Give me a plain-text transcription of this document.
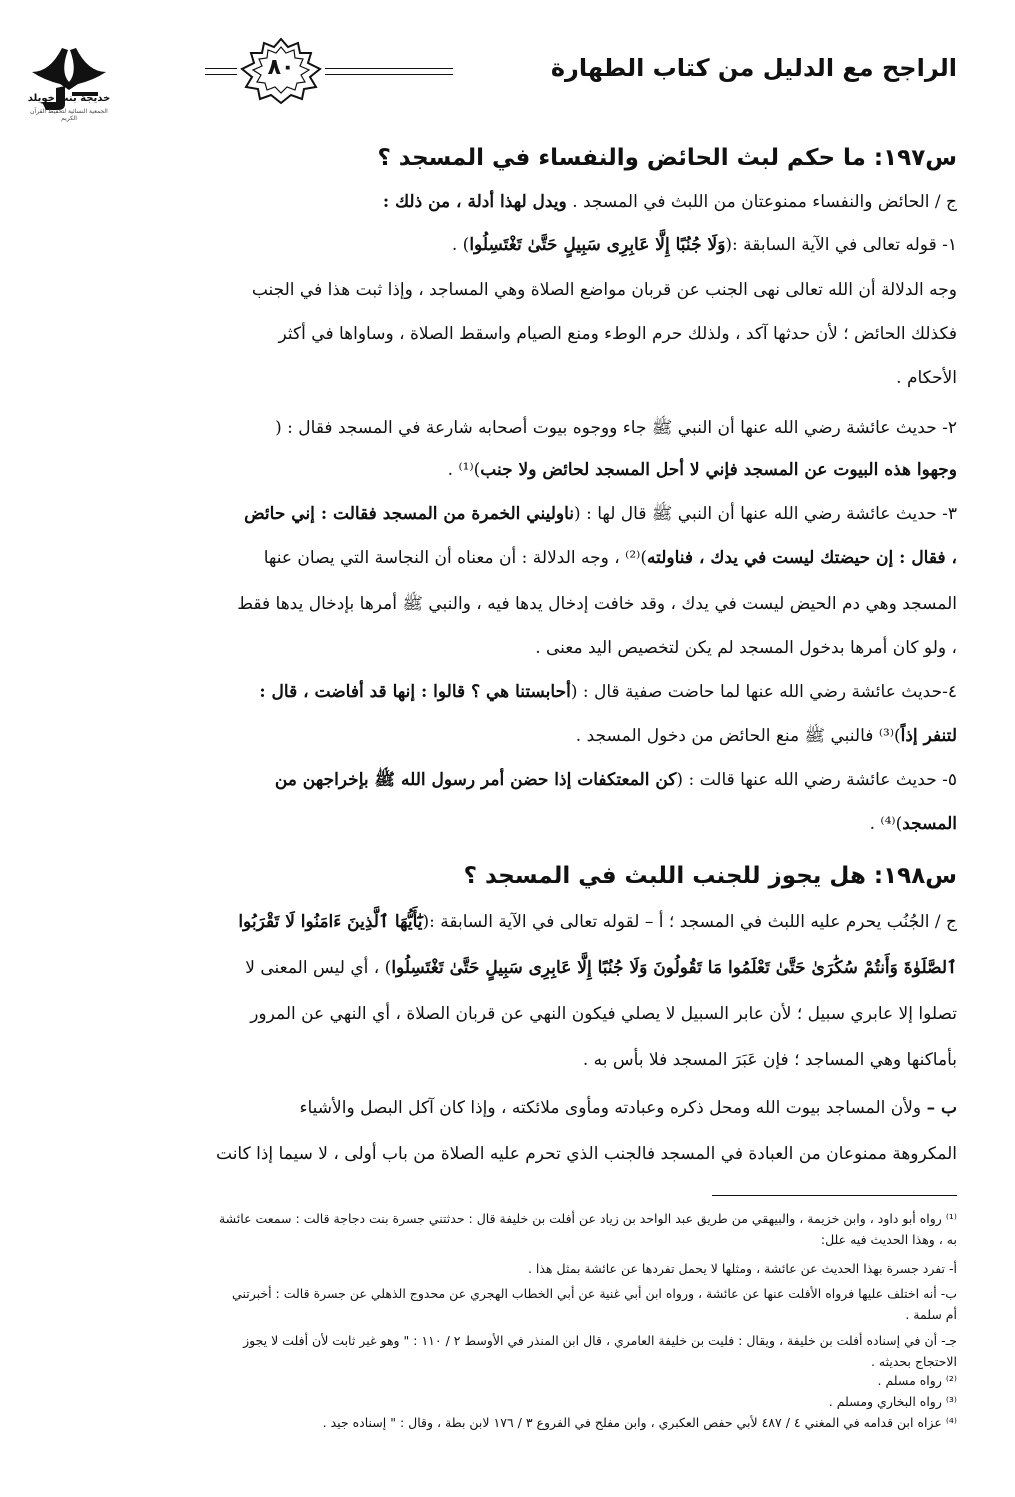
الراجح مع الدليل من كتاب الطهارة
٨٠
خديجة بنت خويلد
الجمعية النسائية لتحفيظ القرآن الكريم
س١٩٧: ما حكم لبث الحائض والنفساء في المسجد ؟
ج / الحائض والنفساء ممنوعتان من اللبث في المسجد . ويدل لهذا أدلة ، من ذلك :
١- قوله تعالى في الآية السابقة :(وَلَا جُنُبًا إِلَّا عَابِرِى سَبِيلٍ حَتَّىٰ تَغْتَسِلُوا) .
وجه الدلالة أن الله تعالى نهى الجنب عن قربان مواضع الصلاة وهي المساجد ، وإذا ثبت هذا في الجنب
فكذلك الحائض ؛ لأن حدثها آكد ، ولذلك حرم الوطء ومنع الصيام واسقط الصلاة ، وساواها في أكثر
الأحكام .
٢- حديث عائشة رضي الله عنها أن النبي ﷺ جاء ووجوه بيوت أصحابه شارعة في المسجد فقال : (
وجهوا هذه البيوت عن المسجد فإني لا أحل المسجد لحائض ولا جنب)⁽¹⁾ .
٣- حديث عائشة رضي الله عنها أن النبي ﷺ قال لها : (ناوليني الخمرة من المسجد فقالت : إني حائض
، فقال : إن حيضتك ليست في يدك ، فناولته)⁽²⁾ ، وجه الدلالة : أن معناه أن النجاسة التي يصان عنها
المسجد وهي دم الحيض ليست في يدك ، وقد خافت إدخال يدها فيه ، والنبي ﷺ أمرها بإدخال يدها فقط
، ولو كان أمرها بدخول المسجد لم يكن لتخصيص اليد معنى .
٤-حديث عائشة رضي الله عنها لما حاضت صفية قال : (أحابستنا هي ؟ قالوا : إنها قد أفاضت ، قال :
لتنفر إذاً)⁽³⁾ فالنبي ﷺ منع الحائض من دخول المسجد .
٥- حديث عائشة رضي الله عنها قالت : (كن المعتكفات إذا حضن أمر رسول الله ﷺ بإخراجهن من
المسجد)⁽⁴⁾ .
س١٩٨: هل يجوز للجنب اللبث في المسجد ؟
ج / الجُنُب يحرم عليه اللبث في المسجد ؛ أ – لقوله تعالى في الآية السابقة :(يَٰٓأَيُّهَا ٱلَّذِينَ ءَامَنُوا لَا تَقْرَبُوا
ٱلصَّلَوٰةَ وَأَنتُمْ سُكَٰرَىٰ حَتَّىٰ تَعْلَمُوا مَا تَقُولُونَ وَلَا جُنُبًا إِلَّا عَابِرِى سَبِيلٍ حَتَّىٰ تَغْتَسِلُوا) ، أي ليس المعنى لا
تصلوا إلا عابري سبيل ؛ لأن عابر السبيل لا يصلي فيكون النهي عن قربان الصلاة ، أي النهي عن المرور
بأماكنها وهي المساجد ؛ فإن عَبَرَ المسجد فلا بأس به .
ب – ولأن المساجد بيوت الله ومحل ذكره وعبادته ومأوى ملائكته ، وإذا كان آكل البصل والأشياء
المكروهة ممنوعان من العبادة في المسجد فالجنب الذي تحرم عليه الصلاة من باب أولى ، لا سيما إذا كانت
⁽¹⁾ رواه أبو داود ، وابن خزيمة ، والبيهقي من طريق عبد الواحد بن زياد عن أفلت بن خليفة قال : حدثتني جسرة بنت دجاجة قالت : سمعت عائشة
به ، وهذا الحديث فيه علل:
أ- تفرد جسرة بهذا الحديث عن عائشة ، ومثلها لا يحمل تفردها عن عائشة بمثل هذا .
ب- أنه اختلف عليها فرواه الأفلت عنها عن عائشة ، ورواه ابن أبي غنية عن أبي الخطاب الهجري عن محدوج الذهلي عن جسرة قالت : أخبرتني
أم سلمة .
جـ- أن في إسناده أفلت بن خليفة ، ويقال : فليت بن خليفة العامري ، قال ابن المنذر في الأوسط ٢ / ١١٠ : " وهو غير ثابت لأن أفلت لا يجوز
الاحتجاج بحديثه .
⁽²⁾ رواه مسلم .
⁽³⁾ رواه البخاري ومسلم .
⁽⁴⁾ عزاه ابن قدامه في المغني ٤ / ٤٨٧ لأبي حفص العكبري ، وابن مفلح في الفروع ٣ / ١٧٦ لابن بطة ، وقال : " إسناده جيد .
